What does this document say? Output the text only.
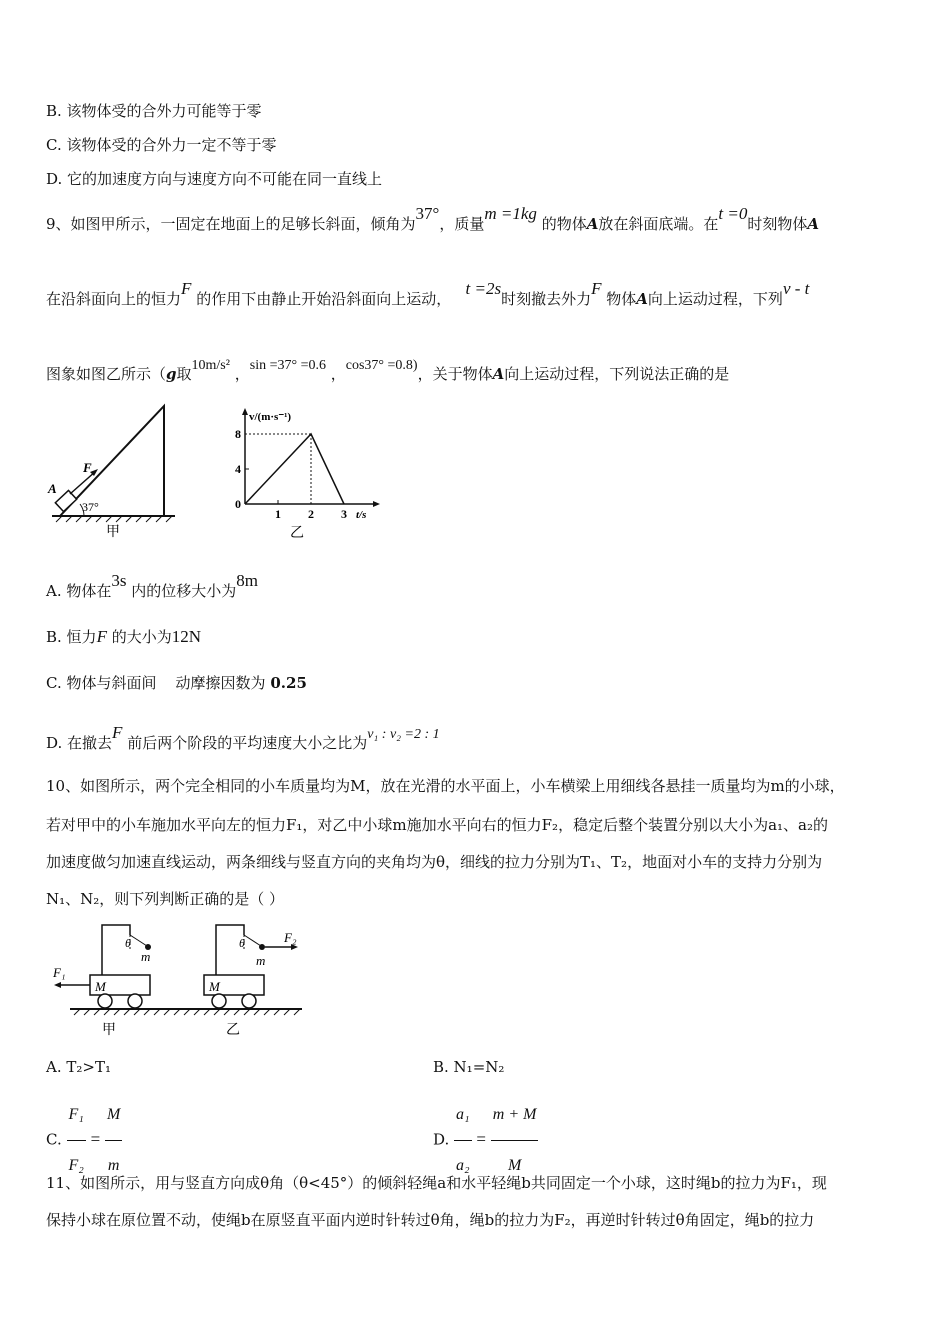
B. 该物体受的合外力可能等于零
C. 该物体受的合外力一定不等于零
D. 它的加速度方向与速度方向不可能在同一直线上
9、如图甲所示，一固定在地面上的足够长斜面，倾角为37°，质量m =1kg 的物体A放在斜面底端。在t =0时刻物体A
在沿斜面向上的恒力F 的作用下由静止开始沿斜面向上运动，   t =2s时刻撤去外力F 物体A向上运动过程，下列v - t
图象如图乙所示（g取10m/s² ，sin =37° =0.6 ，cos37° =0.8)，关于物体A向上运动过程，下列说法正确的是
F
A
37°
甲
v/(m·s⁻¹)
t/s
8
4
0
1 2 3
乙
A. 物体在3s 内的位移大小为8m
B. 恒力F 的大小为12N
C. 物体与斜面间    动摩擦因数为 0.25
D. 在撤去F 前后两个阶段的平均速度大小之比为v₁ : v₂ =2 : 1
10、如图所示，两个完全相同的小车质量均为M，放在光滑的水平面上，小车横梁上用细线各悬挂一质量均为m的小球，
若对甲中的小车施加水平向左的恒力F₁，对乙中小球m施加水平向右的恒力F₂，稳定后整个装置分别以大小为a₁、a₂的
加速度做匀加速直线运动，两条细线与竖直方向的夹角均为θ，细线的拉力分别为T₁、T₂，地面对小车的支持力分别为
N₁、N₂，则下列判断正确的是（ ）
F₁
θ
m
M
甲
F₂
θ
m
M
乙
A. T₂>T₁	B. N₁=N₂
C. $\frac{\text{F₁}}{\text{F₂}} = \frac{M}{m}$	D. $\frac{\text{a₁}}{\text{a₂}} = \frac{m + M}{M}$
11、如图所示，用与竖直方向成θ角（θ<45°）的倾斜轻绳a和水平轻绳b共同固定一个小球，这时绳b的拉力为F₁，现
保持小球在原位置不动，使绳b在原竖直平面内逆时针转过θ角，绳b的拉力为F₂，再逆时针转过θ角固定，绳b的拉力
